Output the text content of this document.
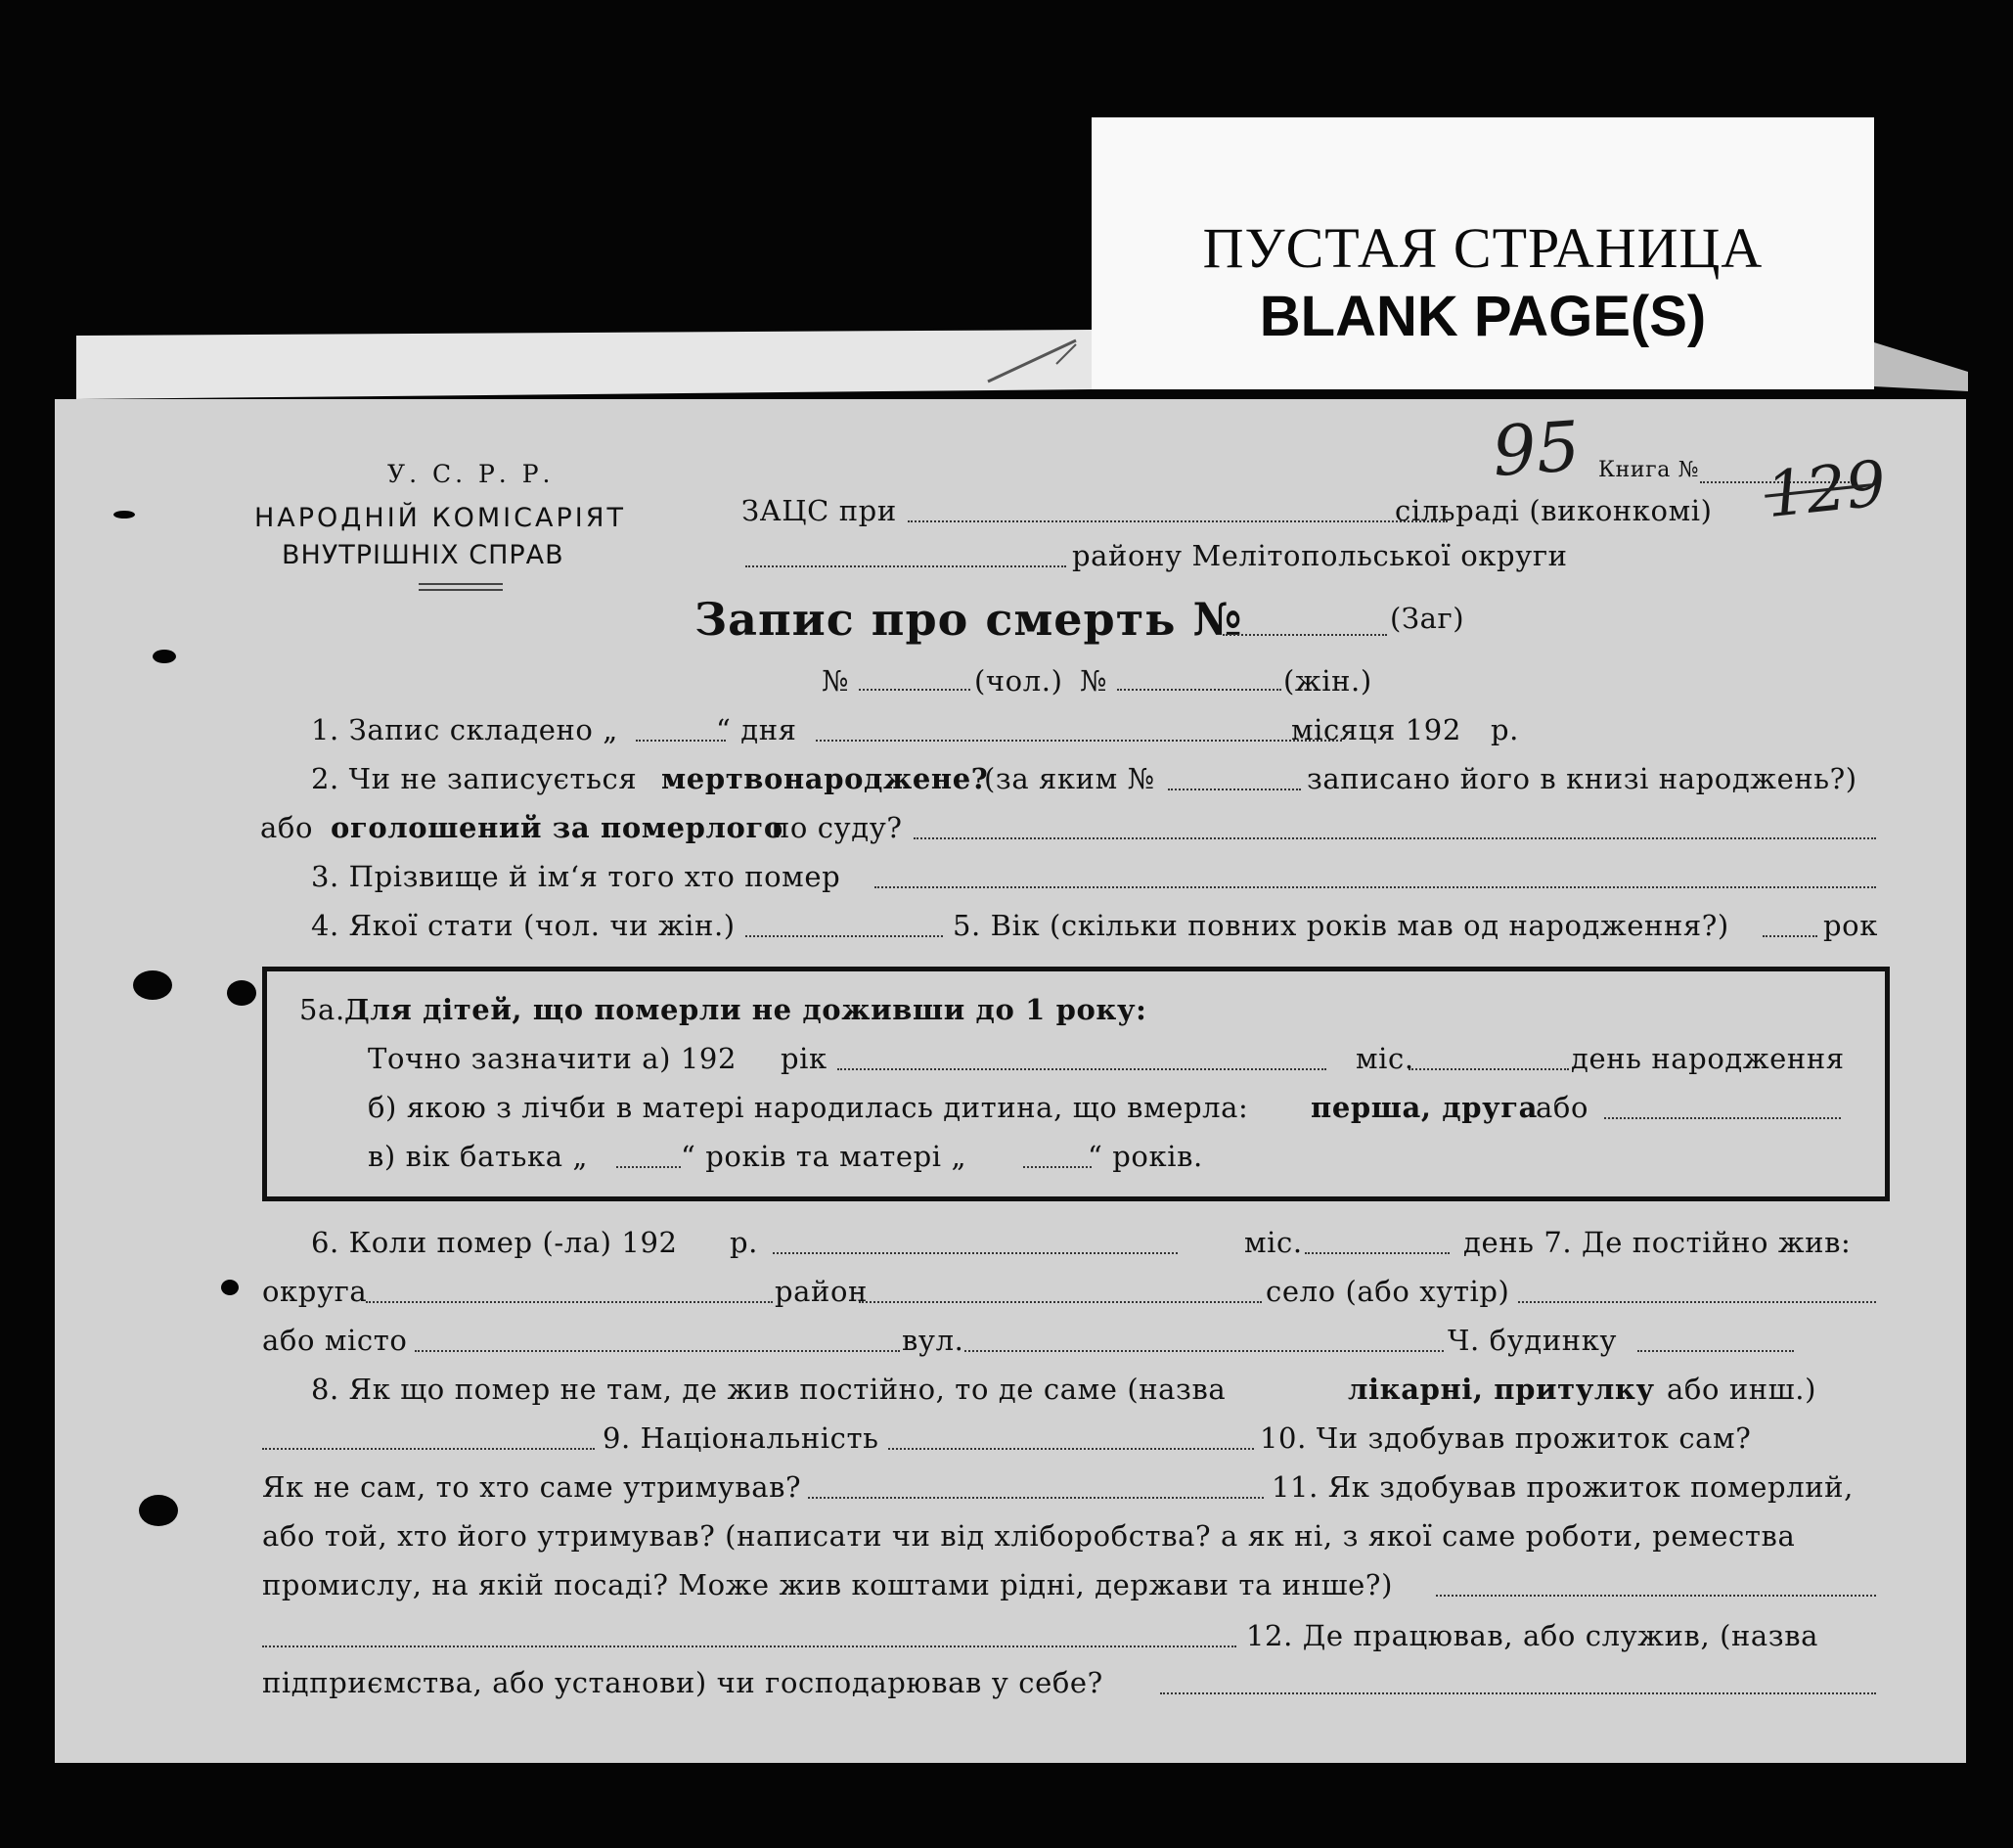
ПУСТАЯ СТРАНИЦА
BLANK PAGE(S)
У. С. Р. Р.
НАРОДНІЙ КОМІСАРІЯТ
ВНУТРІШНІХ СПРАВ
ЗАЦС при	сільраді (виконкомі)
району Мелітопольської округи
Книга №
95	129
Запис про смерть №	(Заг)
№	(чол.) №	(жін.)
1. Запис складено „	“ дня	місяця 192 р.
2. Чи не записується мертвонароджене?
(за яким №	записано його в книзі народжень?)
або оголошений за померлого
по суду?
3. Прізвище й ім‘я того хто помер
4. Якої стати (чол. чи жін.)	5. Вік (скільки повних років мав од народження?)	рок
5а. Для дітей, що померли не доживши до 1 року:
Точно зазначити а) 192 рік	міс.	день народження
б) якою з лічби в матері народилась дитина, що вмерла: перша, друга
або
в) вік батька „	“ років та матері „	“ років.
6. Коли помер (-ла) 192 р.	міс.	день 7. Де постійно жив:
округа	район	село (або хутір)
або місто	вул.	Ч. будинку
8. Як що помер не там, де жив постійно, то де саме (назва	лікарні, притулку або инш.)
9. Національність	10. Чи здобував прожиток сам?
Як не сам, то хто саме утримував?	11. Як здобував прожиток померлий,
або той, хто його утримував? (написати чи від хліборобства? а як ні, з якої саме роботи, ремества
промислу, на якій посаді? Може жив коштами рідні, держави та инше?)
12. Де працював, або служив, (назва
підприємства, або установи) чи господарював у себе?
